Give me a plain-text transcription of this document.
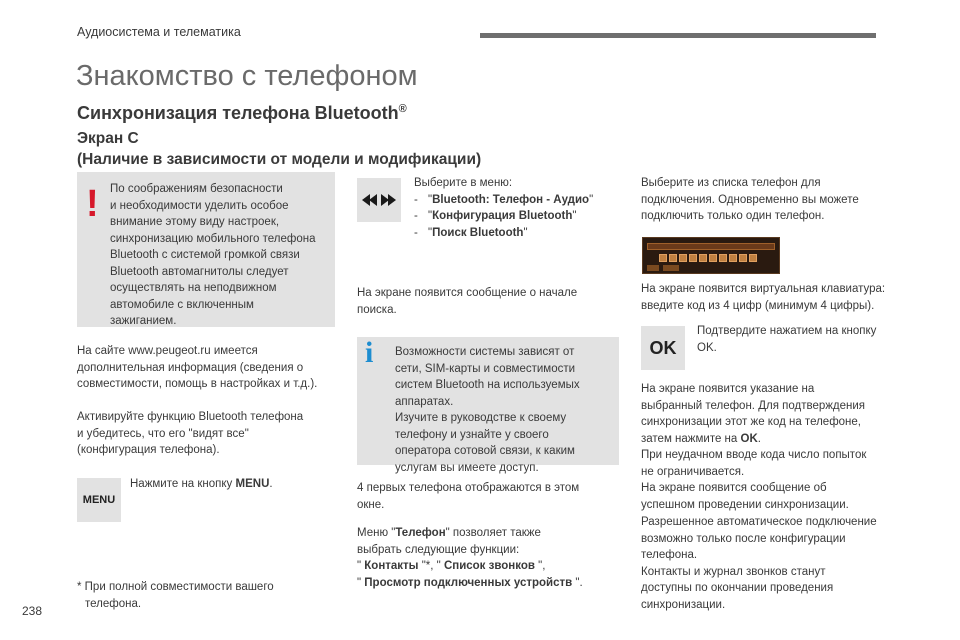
Аудиосистема и телематика
Знакомство с телефоном
Синхронизация телефона Bluetooth®
Экран C
(Наличие в зависимости от модели и модификации)
! По соображениям безопасности
и необходимости уделить особое
внимание этому виду настроек,
синхронизацию мобильного телефона
Bluetooth с системой громкой связи
Bluetooth автомагнитолы следует
осуществлять на неподвижном
автомобиле с включенным
зажиганием.
На сайте www.peugeot.ru имеется
дополнительная информация (сведения о
совместимости, помощь в настройках и т.д.).
Активируйте функцию Bluetooth телефона
и убедитесь, что его "видят все"
(конфигурация телефона).
MENU
Нажмите на кнопку MENU.
* При полной совместимости вашего
телефона.
Выберите в меню:
- " Bluetooth: Телефон - Аудио "
- " Конфигурация Bluetooth "
- " Поиск Bluetooth "
На экране появится сообщение о начале
поиска.
i	Возможности системы зависят от
сети, SIM-карты и совместимости
систем Bluetooth на используемых
аппаратах.
Изучите в руководстве к своему
телефону и узнайте у своего
оператора сотовой связи, к каким
услугам вы имеете доступ.
4 первых телефона отображаются в этом
окне.
Меню "Телефон" позволяет также
выбрать следующие функции:
" Контакты "*, " Список звонков ",
" Просмотр подключенных устройств ".
Выберите из списка телефон для
подключения. Одновременно вы можете
подключить только один телефон.
На экране появится виртуальная клавиатура:
введите код из 4 цифр (минимум 4 цифры).
OK
Подтвердите нажатием на кнопку
OK.
На экране появится указание на
выбранный телефон. Для подтверждения
синхронизации этот же код на телефоне,
затем нажмите на OK.
При неудачном вводе кода число попыток
не ограничивается.
На экране появится сообщение об
успешном проведении синхронизации.
Разрешенное автоматическое подключение
возможно только после конфигурации
телефона.
Контакты и журнал звонков станут
доступны по окончании проведения
синхронизации.
238
